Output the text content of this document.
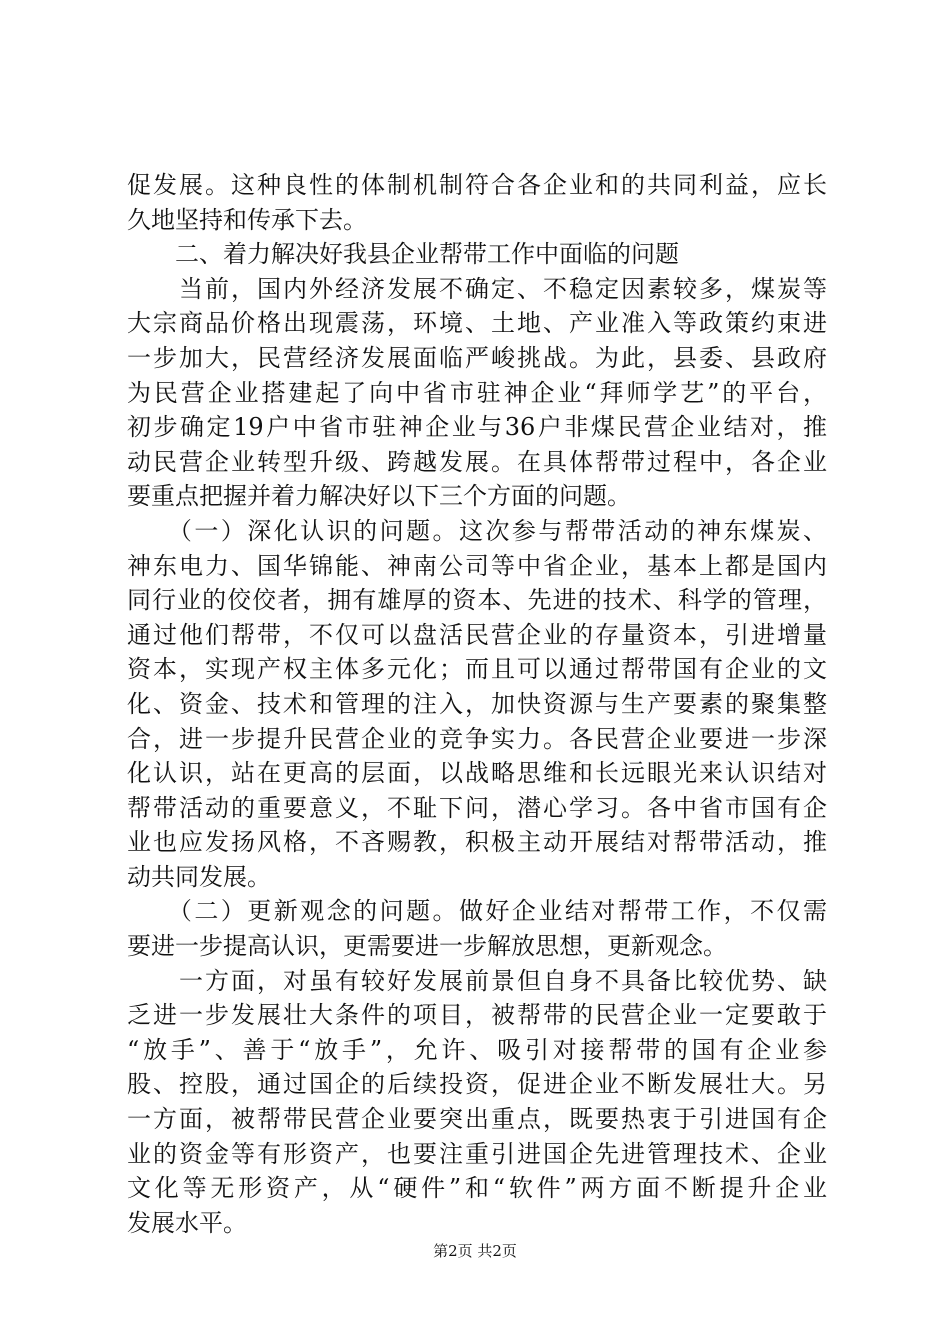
促发展。这种良性的体制机制符合各企业和的共同利益，应长
久地坚持和传承下去。
　　二、着力解决好我县企业帮带工作中面临的问题
　　当前，国内外经济发展不确定、不稳定因素较多，煤炭等
大宗商品价格出现震荡，环境、土地、产业准入等政策约束进
一步加大，民营经济发展面临严峻挑战。为此，县委、县政府
为民营企业搭建起了向中省市驻神企业“拜师学艺”的平台，
初步确定19户中省市驻神企业与36户非煤民营企业结对，推
动民营企业转型升级、跨越发展。在具体帮带过程中，各企业
要重点把握并着力解决好以下三个方面的问题。
　　（一）深化认识的问题。这次参与帮带活动的神东煤炭、
神东电力、国华锦能、神南公司等中省企业，基本上都是国内
同行业的佼佼者，拥有雄厚的资本、先进的技术、科学的管理，
通过他们帮带，不仅可以盘活民营企业的存量资本，引进增量
资本，实现产权主体多元化；而且可以通过帮带国有企业的文
化、资金、技术和管理的注入，加快资源与生产要素的聚集整
合，进一步提升民营企业的竞争实力。各民营企业要进一步深
化认识，站在更高的层面，以战略思维和长远眼光来认识结对
帮带活动的重要意义，不耻下问，潜心学习。各中省市国有企
业也应发扬风格，不吝赐教，积极主动开展结对帮带活动，推
动共同发展。
　　（二）更新观念的问题。做好企业结对帮带工作，不仅需
要进一步提高认识，更需要进一步解放思想，更新观念。
　　一方面，对虽有较好发展前景但自身不具备比较优势、缺
乏进一步发展壮大条件的项目，被帮带的民营企业一定要敢于
“放手”、善于“放手”，允许、吸引对接帮带的国有企业参
股、控股，通过国企的后续投资，促进企业不断发展壮大。另
一方面，被帮带民营企业要突出重点，既要热衷于引进国有企
业的资金等有形资产，也要注重引进国企先进管理技术、企业
文化等无形资产，从“硬件”和“软件”两方面不断提升企业
发展水平。
第2页 共2页
